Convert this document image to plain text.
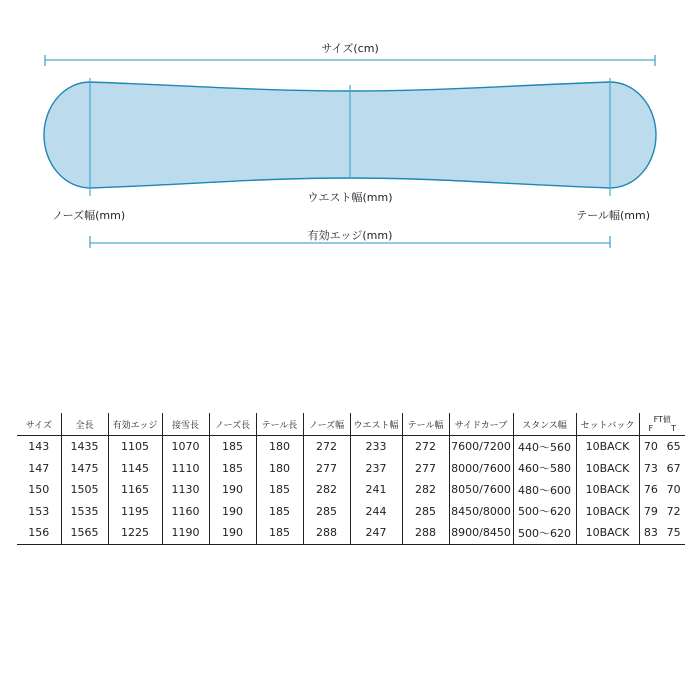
サイズ(cm)
ウエスト幅(mm)
ノーズ幅(mm)	テール幅(mm)
有効エッジ(mm)
サイズ	全長	有効エッジ	接雪長	ノーズ長	テール長	ノーズ幅	ウエスト幅	テール幅	サイドカーブ	スタンス幅	セットバック	FT値
F T

143	1435	1105	1070	185	180	272	233	272	7600/7200	440～560	10BACK	70 65

147	1475	1145	1110	185	180	277	237	277	8000/7600	460～580	10BACK	73 67

150	1505	1165	1130	190	185	282	241	282	8050/7600	480～600	10BACK	76 70

153	1535	1195	1160	190	185	285	244	285	8450/8000	500～620	10BACK	79 72

156	1565	1225	1190	190	185	288	247	288	8900/8450	500～620	10BACK	83 75
